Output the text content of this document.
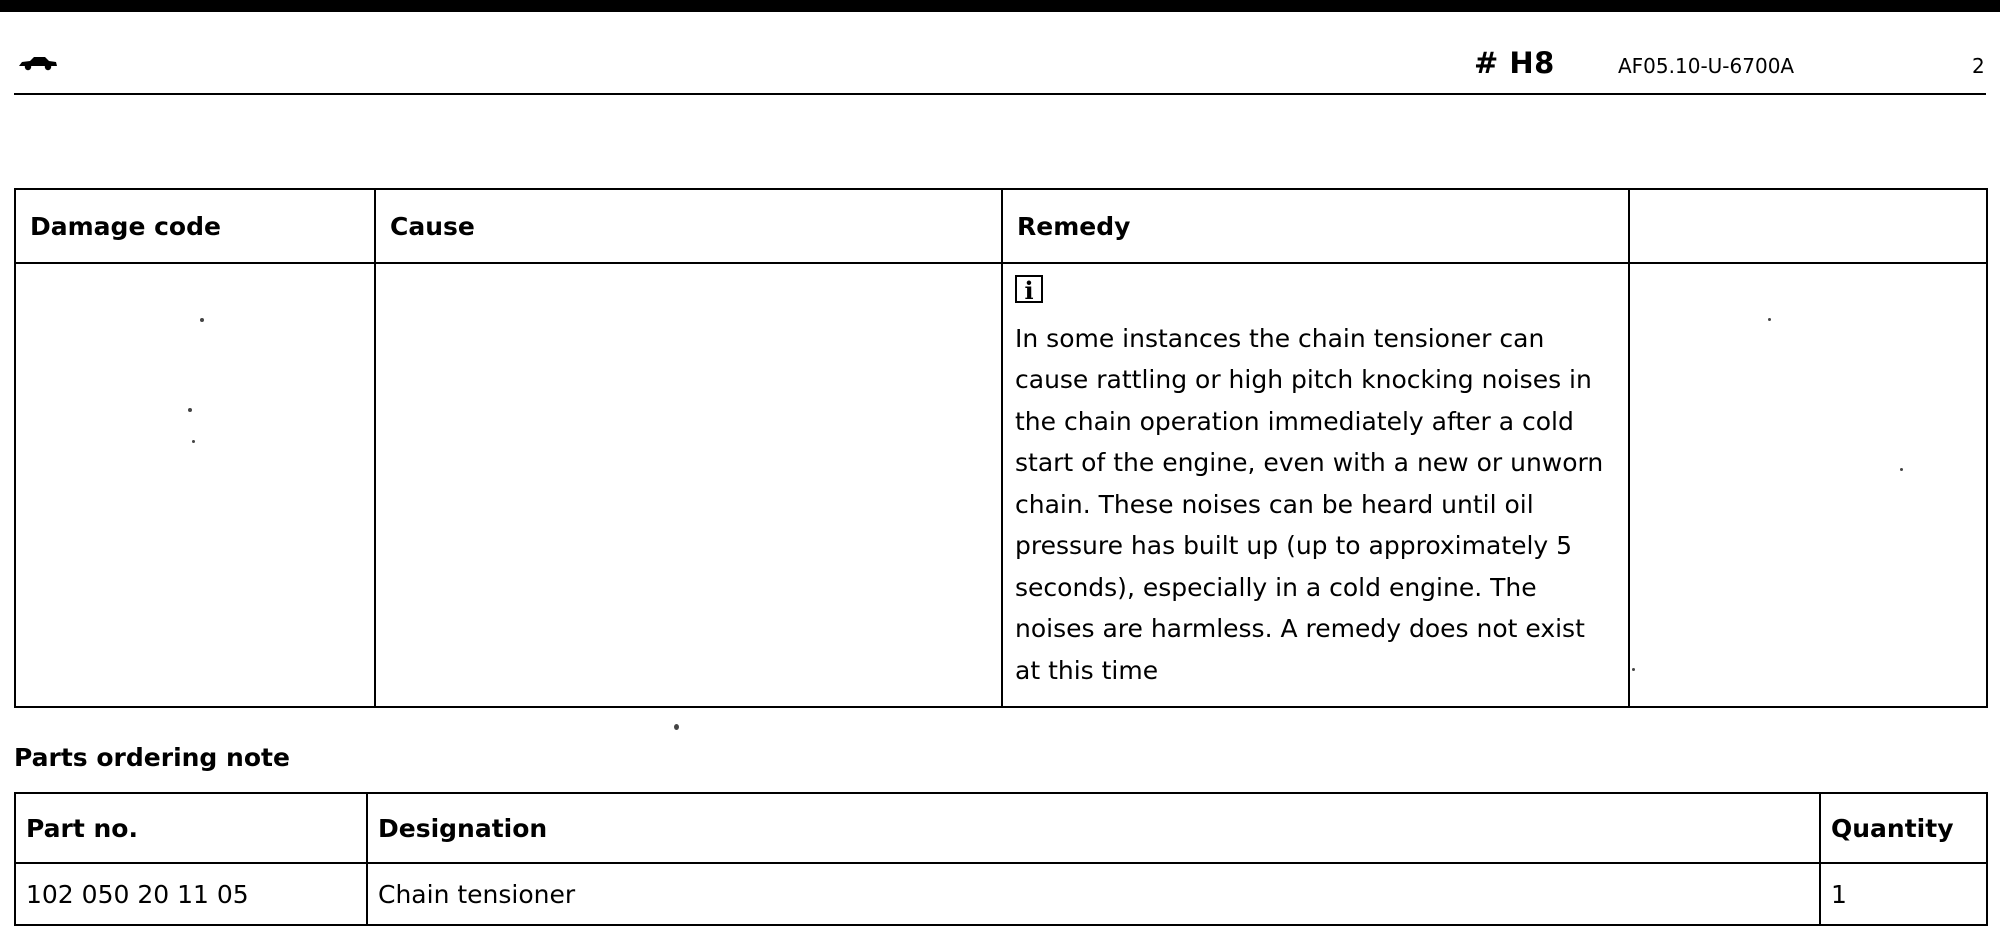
# H8	AF05.10-U-6700A	2
Damage code	Cause	Remedy	
		i
In some instances the chain tensioner can cause rattling or high pitch knocking noises in the chain operation immediately after a cold start of the engine, even with a new or unworn chain. These noises can be heard until oil pressure has built up (up to approximately 5 seconds), especially in a cold engine. The noises are harmless. A remedy does not exist at this time	

Parts ordering note
Part no.	Designation	Quantity
102 050 20 11 05	Chain tensioner	1
